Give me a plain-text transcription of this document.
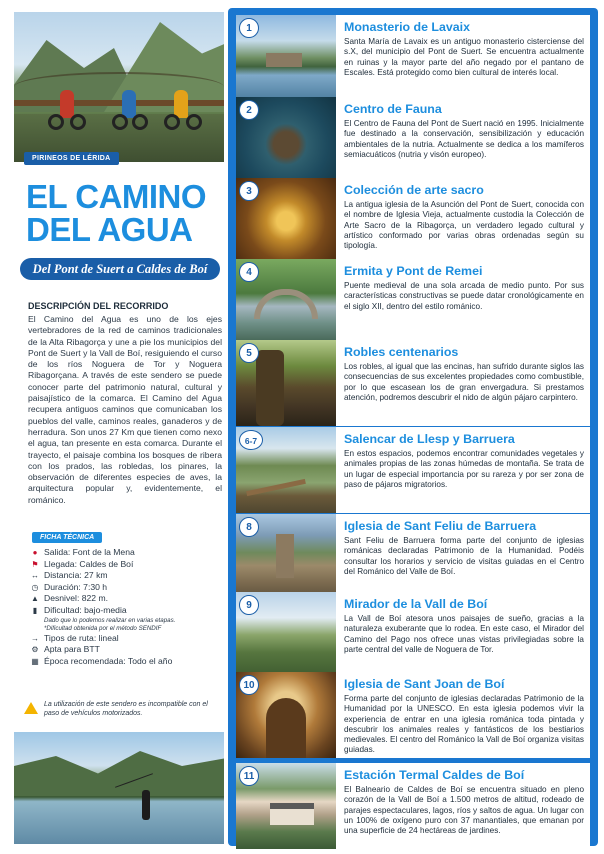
PIRINEOS DE LÉRIDA
EL CAMINO DEL AGUA
Del Pont de Suert a Caldes de Boí
DESCRIPCIÓN DEL RECORRIDO
El Camino del Agua es uno de los ejes vertebradores de la red de caminos tradicionales de la Alta Ribagorça y une a pie los municipios del Pont de Suert y la Vall de Boí, resiguiendo el curso de los ríos Noguera de Tor y Noguera Ribagorçana. A través de este sendero se puede conocer parte del patrimonio natural, cultural y paisajístico de la comarca. El Camino del Agua recupera antiguos caminos que comunicaban los pueblos del valle, caminos reales, ganaderos y de herradura. Son unos 27 Km que tienen como nexo el agua, tan presente en esta comarca. Durante el trayecto, el paisaje combina los bosques de ribera con los prados, las robledas, los pinares, la observación de diferentes especies de aves, la arquitectura popular y, evidentemente, el románico.
FICHA TÉCNICA
● Salida: Font de la Mena
⚑ Llegada: Caldes de Boí
↔ Distancia: 27 km
◷ Duración: 7:30 h
▲ Desnivel: 822 m.
▮ Dificultad: bajo-media
Dado que lo podemos realizar en varias etapas.
*Dificultad obtenida por el método SENDIF
→ Tipos de ruta: lineal
⚙ Apta para BTT
▦ Época recomendada: Todo el año
La utilización de este sendero es incompatible con el paso de vehículos motorizados.
1	Monasterio de Lavaix
Santa María de Lavaix es un antiguo monasterio cisterciense del s.X, del municipio del Pont de Suert. Se encuentra actualmente en ruinas y la mayor parte del año negado por el pantano de Escales. Está protegido como bien cultural de interés local.
2	Centro de Fauna
El Centro de Fauna del Pont de Suert nació en 1995. Inicialmente fue destinado a la conservación, sensibilización y educación ambientales de la nutria. Actualmente se dedica a los mamíferos semiacuáticos (nutria y visón europeo).
3	Colección de arte sacro
La antigua iglesia de la Asunción del Pont de Suert, conocida con el nombre de Iglesia Vieja, actualmente custodia la Colección de Arte Sacro de la Ribagorça, un verdadero legado cultural y artístico conformado por varias obras ordenadas según su tipología.
4	Ermita y Pont de Remei
Puente medieval de una sola arcada de medio punto. Por sus características constructivas se puede datar cronológicamente en el siglo XII, dentro del estilo románico.
5	Robles centenarios
Los robles, al igual que las encinas, han sufrido durante siglos las consecuencias de sus excelentes propiedades como combustible, por lo que escasean los de gran envergadura. Si prestamos atención, podremos descubrir el nido de algún pájaro carpintero.
6-7	Salencar de Llesp y Barruera
En estos espacios, podemos encontrar comunidades vegetales y animales propias de las zonas húmedas de montaña. Se trata de un lugar de especial importancia por su rareza y por ser zona de paso de pájaros migratorios.
8	Iglesia de Sant Feliu de Barruera
Sant Feliu de Barruera forma parte del conjunto de iglesias románicas declaradas Patrimonio de la Humanidad. Podéis consultar los horarios y servicio de visitas guiadas en el Centro del Románico del Valle de Boí.
9	Mirador de la Vall de Boí
La Vall de Boí atesora unos paisajes de sueño, gracias a la naturaleza exuberante que lo rodea. En este caso, el Mirador del Camino del Pago nos ofrece unas vistas privilegiadas sobre la parte central del valle de Noguera de Tor.
10	Iglesia de Sant Joan de Boí
Forma parte del conjunto de iglesias declaradas Patrimonio de la Humanidad por la UNESCO. En esta iglesia podemos vivir la experiencia de entrar en una iglesia románica toda pintada y descubrir los animales reales y fantásticos de los bestiarios medievales. El centro del Románico la Vall de Boí organiza visitas guiadas.
11	Estación Termal Caldes de Boí
El Balneario de Caldes de Boí se encuentra situado en pleno corazón de la Vall de Boí a 1.500 metros de altitud, rodeado de parajes espectaculares, lagos, ríos y saltos de agua. Un lugar con un 100% de oxígeno puro con 37 manantiales, que emanan por una superficie de 24 hectáreas de jardines.
